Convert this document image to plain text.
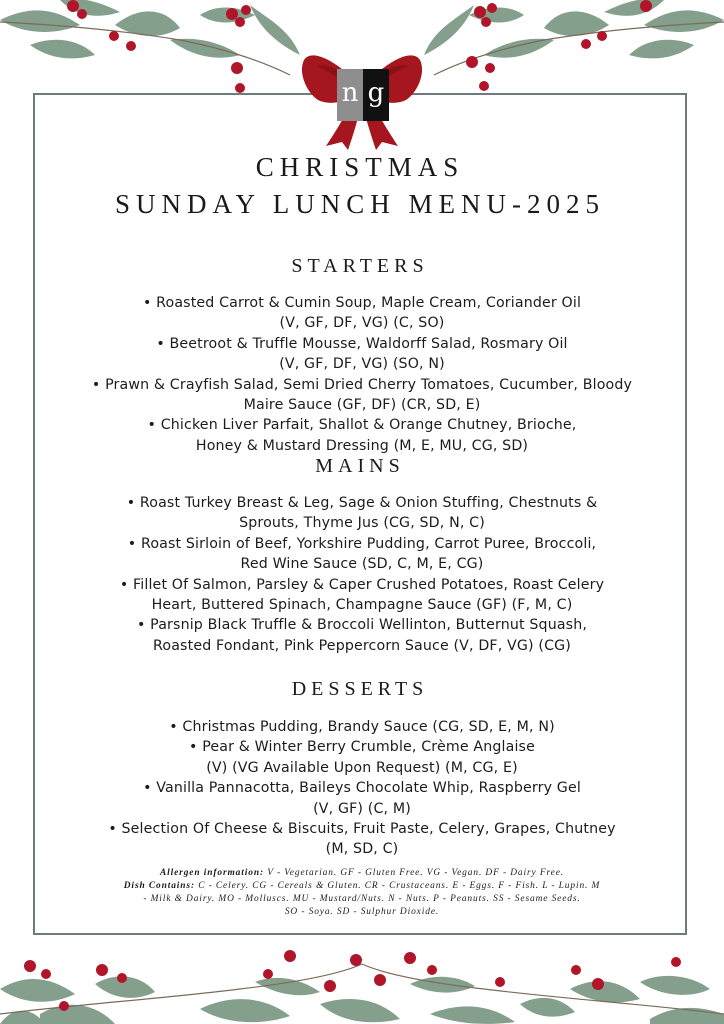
n g
CHRISTMAS
SUNDAY LUNCH MENU-2025
STARTERS
• Roasted Carrot & Cumin Soup, Maple Cream, Coriander Oil
(V, GF, DF, VG) (C, SO)
• Beetroot & Truffle Mousse, Waldorff Salad, Rosmary Oil
(V, GF, DF, VG) (SO, N)
• Prawn & Crayfish Salad, Semi Dried Cherry Tomatoes, Cucumber, Bloody
Maire Sauce (GF, DF) (CR, SD, E)
• Chicken Liver Parfait, Shallot & Orange Chutney, Brioche,
Honey & Mustard Dressing (M, E, MU, CG, SD)
MAINS
• Roast Turkey Breast & Leg, Sage & Onion Stuffing, Chestnuts &
Sprouts, Thyme Jus (CG, SD, N, C)
• Roast Sirloin of Beef, Yorkshire Pudding, Carrot Puree, Broccoli,
Red Wine Sauce (SD, C, M, E, CG)
• Fillet Of Salmon, Parsley & Caper Crushed Potatoes, Roast Celery
Heart, Buttered Spinach, Champagne Sauce (GF) (F, M, C)
• Parsnip Black Truffle & Broccoli Wellinton, Butternut Squash,
Roasted Fondant, Pink Peppercorn Sauce (V, DF, VG) (CG)
DESSERTS
• Christmas Pudding, Brandy Sauce (CG, SD, E, M, N)
• Pear & Winter Berry Crumble, Crème Anglaise
(V) (VG Available Upon Request) (M, CG, E)
• Vanilla Pannacotta, Baileys Chocolate Whip, Raspberry Gel
(V, GF) (C, M)
• Selection Of Cheese & Biscuits, Fruit Paste, Celery, Grapes, Chutney
(M, SD, C)
Allergen information: V - Vegetarian. GF - Gluten Free. VG - Vegan. DF - Dairy Free.
Dish Contains: C - Celery. CG - Cereals & Gluten. CR - Crustaceans. E - Eggs. F - Fish. L - Lupin. M
- Milk & Dairy. MO - Molluscs. MU - Mustard/Nuts. N - Nuts. P - Peanuts. SS - Sesame Seeds.
SO - Soya. SD - Sulphur Dioxide.
